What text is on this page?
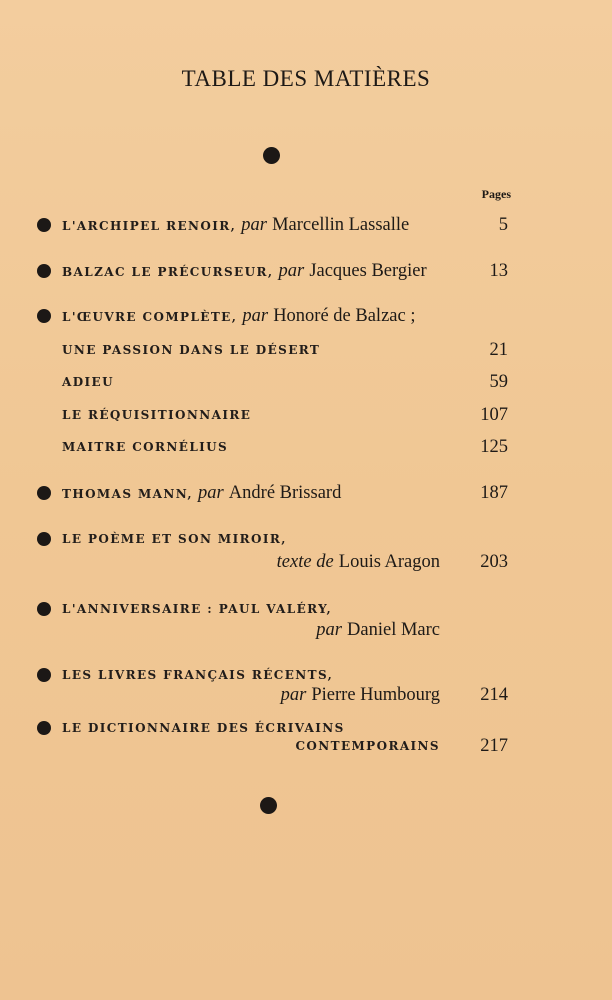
TABLE DES MATIÈRES
Pages
L'ARCHIPEL RENOIR, par Marcellin Lassalle	5
BALZAC LE PRÉCURSEUR, par Jacques Bergier	13
L'ŒUVRE COMPLÈTE, par Honoré de Balzac ;
UNE PASSION DANS LE DÉSERT	21
ADIEU	59
LE RÉQUISITIONNAIRE	107
MAITRE CORNÉLIUS	125
THOMAS MANN, par André Brissard	187
LE POÈME ET SON MIROIR,
texte de Louis Aragon 203
L'ANNIVERSAIRE : PAUL VALÉRY,
par Daniel Marc
LES LIVRES FRANÇAIS RÉCENTS,
par Pierre Humbourg 214
LE DICTIONNAIRE DES ÉCRIVAINS
CONTEMPORAINS 217
